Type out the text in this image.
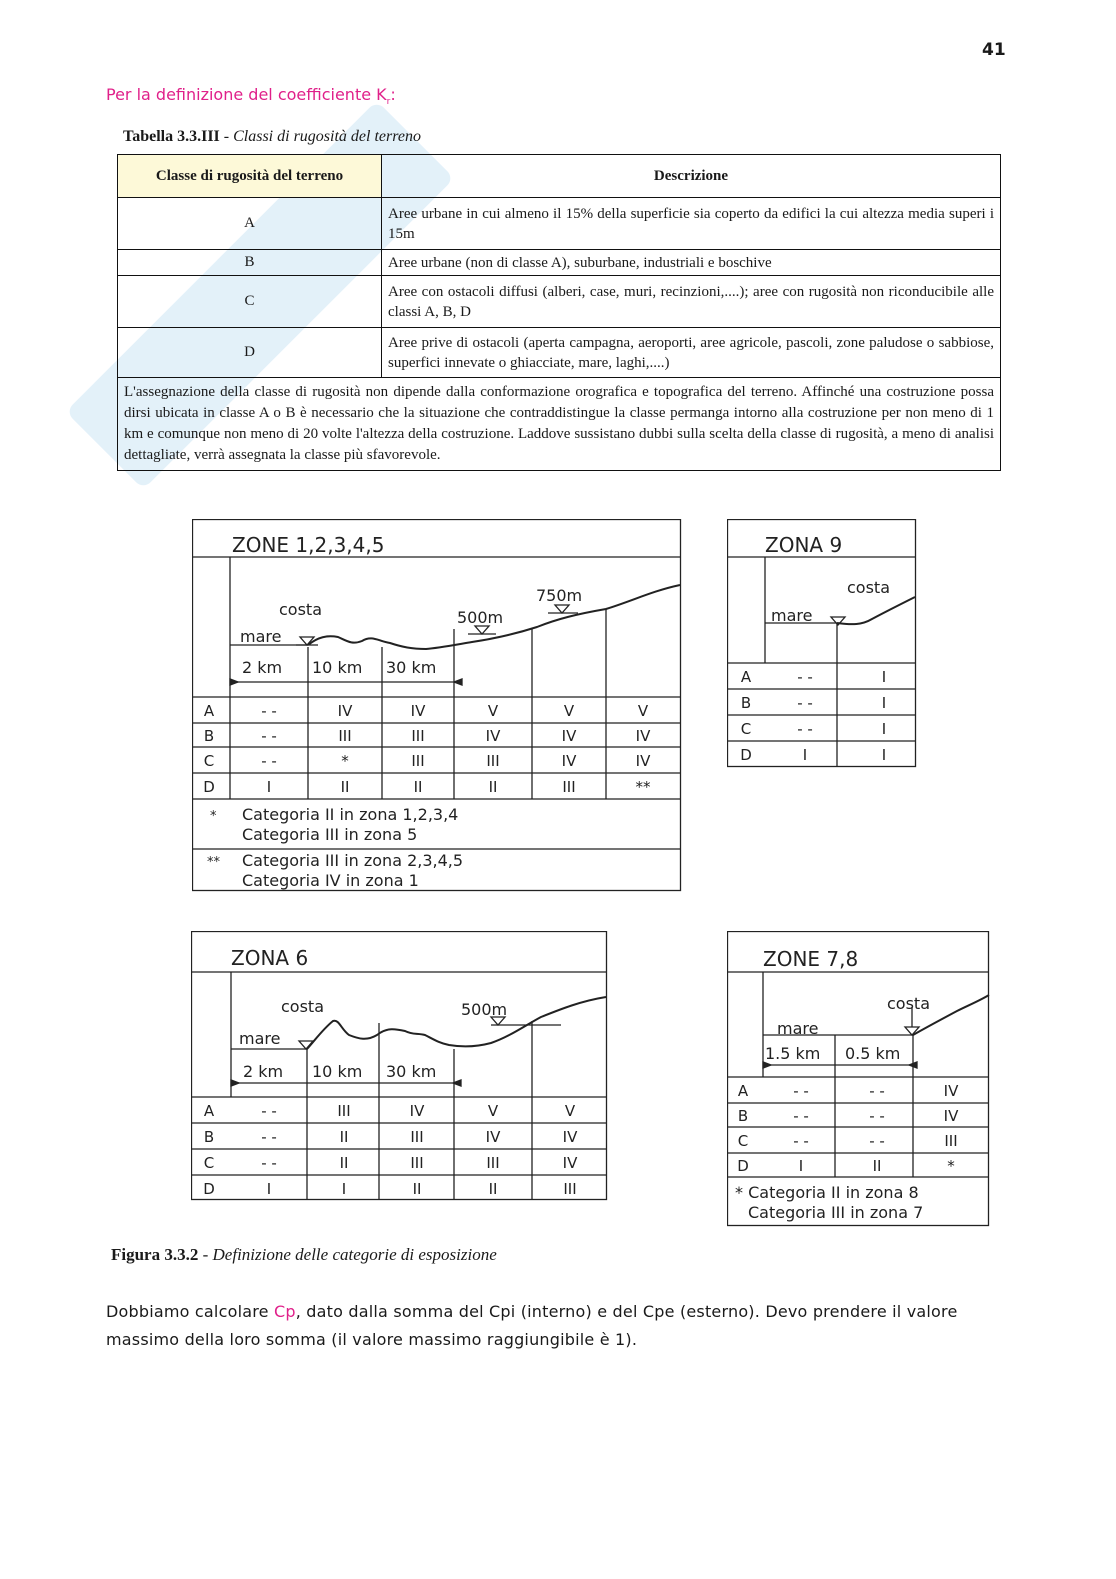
41
Per la definizione del coefficiente $K_r$:
Tabella 3.3.III - Classi di rugosità del terreno
Classe di rugosità del terreno	Descrizione
A	Aree urbane in cui almeno il 15% della superficie sia coperto da edifici la cui altezza media superi i 15m
B	Aree urbane (non di classe A), suburbane, industriali e boschive
C	Aree con ostacoli diffusi (alberi, case, muri, recinzioni,....); aree con rugosità non riconducibile alle classi A, B, D
D	Aree prive di ostacoli (aperta campagna, aeroporti, aree agricole, pascoli, zone paludose o sabbiose, superfici innevate o ghiacciate, mare, laghi,....)
L'assegnazione della classe di rugosità non dipende dalla conformazione orografica e topografica del terreno. Affinché una costruzione possa dirsi ubicata in classe A o B è necessario che la situazione che contraddistingue la classe permanga intorno alla costruzione per non meno di 1 km e comunque non meno di 20 volte l'altezza della costruzione. Laddove sussistano dubbi sulla scelta della classe di rugosità, a meno di analisi dettagliate, verrà assegnata la classe più sfavorevole.	
ZONE 1,2,3,4,5
costa
mare
500m
750m
2 km 10 km 30 km
A	- -	IV	IV	V	V	V
B	- -	III	III	IV	IV	IV
C	- -	*	III	III	IV	IV
D	I	II	II	II	III	**
* Categoria II in zona 1,2,3,4
Categoria III in zona 5
** Categoria III in zona 2,3,4,5
Categoria IV in zona 1
ZONA 9
costa
mare
A	- -	I
B	- -	I
C	- -	I
D	I	I
ZONA 6
costa
mare
500m
2 km 10 km 30 km
A	- -	III	IV	V	V
B	- -	II	III	IV	IV
C	- -	II	III	III	IV
D	I	I	II	II	III
ZONE 7,8
costa
mare
1.5 km 0.5 km
A	- -	- -	IV
B	- -	- -	IV
C	- -	- -	III
D	I	II	*
* Categoria II in zona 8
Categoria III in zona 7
Figura 3.3.2 - Definizione delle categorie di esposizione
Dobbiamo calcolare Cp, dato dalla somma del Cpi (interno) e del Cpe (esterno). Devo prendere il valore massimo della loro somma (il valore massimo raggiungibile è 1).
